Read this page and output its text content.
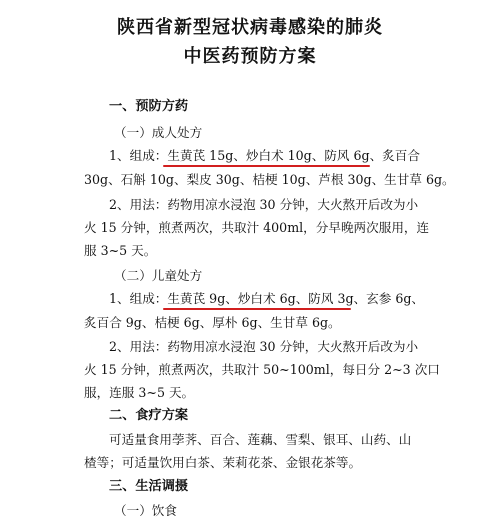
陕西省新型冠状病毒感染的肺炎
中医药预防方案
一、预防方药
（一）成人处方
1、组成：生黄芪 15g、炒白术 10g、防风 6g、炙百合
30g、石斛 10g、梨皮 30g、桔梗 10g、芦根 30g、生甘草 6g。
2、用法：药物用凉水浸泡 30 分钟，大火熬开后改为小
火 15 分钟，煎煮两次，共取汁 400ml，分早晚两次服用，连
服 3~5 天。
（二）儿童处方
1、组成：生黄芪 9g、炒白术 6g、防风 3g、玄参 6g、
炙百合 9g、桔梗 6g、厚朴 6g、生甘草 6g。
2、用法：药物用凉水浸泡 30 分钟，大火熬开后改为小
火 15 分钟，煎煮两次，共取汁 50~100ml，每日分 2~3 次口
服，连服 3~5 天。
二、食疗方案
可适量食用荸荠、百合、莲藕、雪梨、银耳、山药、山
楂等；可适量饮用白茶、茉莉花茶、金银花茶等。
三、生活调摄
（一）饮食
